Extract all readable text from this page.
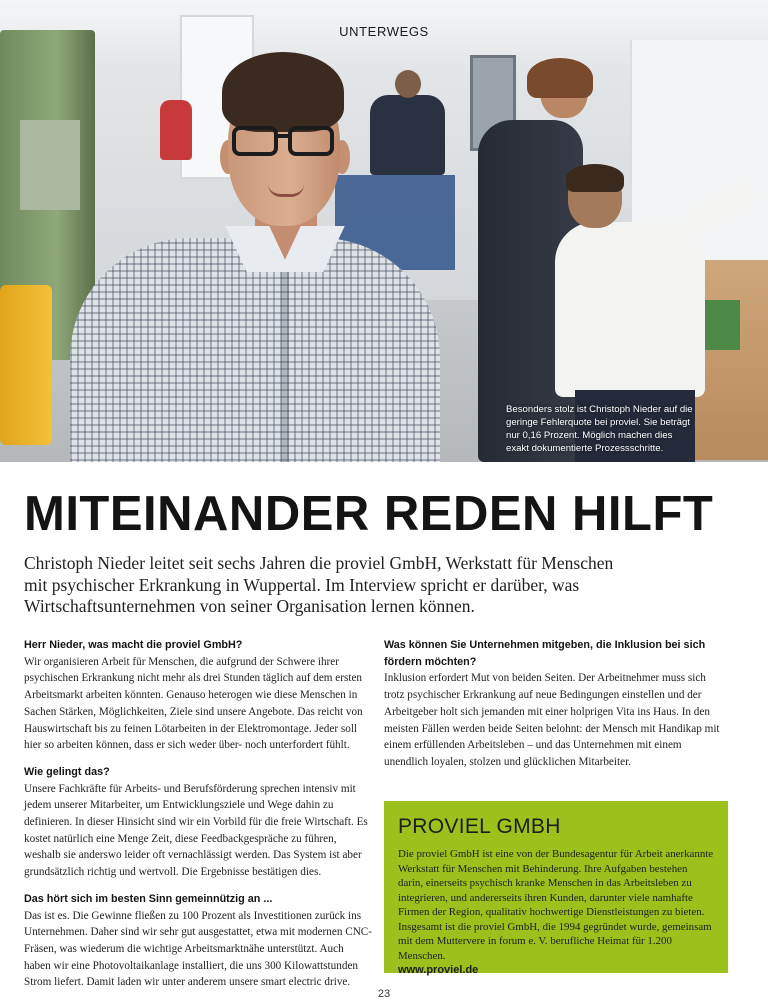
Besonders stolz ist Christoph Nieder auf die geringe Fehlerquote bei proviel. Sie beträgt nur 0,16 Prozent. Möglich machen dies exakt dokumentierte Prozessschritte.
UNTERWEGS
MITEINANDER REDEN HILFT

Christoph Nieder leitet seit sechs Jahren die proviel GmbH, Werkstatt für Menschen mit psychischer Erkrankung in Wuppertal. Im Interview spricht er darüber, was Wirtschaftsunternehmen von seiner Organisation lernen können.

Herr Nieder, was macht die proviel GmbH?

Wir organisieren Arbeit für Menschen, die aufgrund der Schwere ihrer psychischen Erkrankung nicht mehr als drei Stunden täglich auf dem ersten Arbeitsmarkt arbeiten könnten. Genauso heterogen wie diese Menschen in Sachen Stärken, Möglichkeiten, Ziele sind unsere Angebote. Das reicht von Hauswirtschaft bis zu feinen Lötarbeiten in der Elektromontage. Jeder soll hier so arbeiten können, dass er sich weder über- noch unterfordert fühlt.

Wie gelingt das?

Unsere Fachkräfte für Arbeits- und Berufsförderung sprechen intensiv mit jedem unserer Mitarbeiter, um Entwicklungsziele und Wege dahin zu definieren. In dieser Hinsicht sind wir ein Vorbild für die freie Wirtschaft. Es kostet natürlich eine Menge Zeit, diese Feedbackgespräche zu führen, weshalb sie anderswo leider oft vernachlässigt werden. Das System ist aber grundsätzlich richtig und wertvoll. Die Ergebnisse bestätigen dies.

Das hört sich im besten Sinn gemeinnützig an ...

Das ist es. Die Gewinne fließen zu 100 Prozent als Investitionen zurück ins Unternehmen. Daher sind wir sehr gut ausgestattet, etwa mit modernen CNC-Fräsen, was wiederum die wichtige Arbeitsmarktnähe unterstützt. Auch haben wir eine Photovoltaikanlage installiert, die uns 300 Kilowattstunden Strom liefert. Damit laden wir unter anderem unsere smart electric drive.

Was können Sie Unternehmen mitgeben, die Inklusion bei sich fördern möchten?

Inklusion erfordert Mut von beiden Seiten. Der Arbeitnehmer muss sich trotz psychischer Erkrankung auf neue Bedingungen einstellen und der Arbeitgeber holt sich jemanden mit einer holprigen Vita ins Haus. In den meisten Fällen werden beide Seiten belohnt: der Mensch mit Handikap mit einem erfüllenden Arbeitsleben – und das Unternehmen mit einem unendlich loyalen, stolzen und glücklichen Mitarbeiter.

PROVIEL GMBH

Die proviel GmbH ist eine von der Bundesagentur für Arbeit anerkannte Werkstatt für Menschen mit Behinderung. Ihre Aufgaben bestehen darin, einerseits psychisch kranke Menschen in das Arbeitsleben zu integrieren, und andererseits ihren Kunden, darunter viele namhafte Firmen der Region, qualitativ hochwertige Dienstleistungen zu bieten. Insgesamt ist die proviel GmbH, die 1994 gegründet wurde, gemeinsam mit dem Muttervere in forum e. V. berufliche Heimat für 1.200 Menschen.

www.proviel.de
23
